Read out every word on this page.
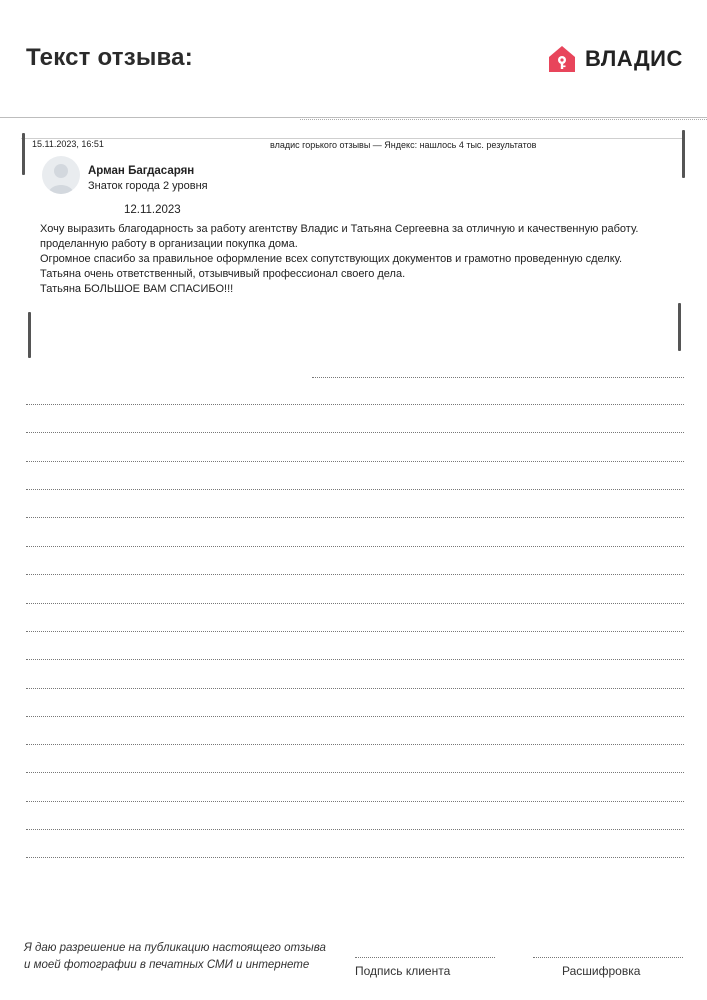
Текст отзыва:	ВЛАДИС
15.11.2023, 16:51	владис горького отзывы — Яндекс: нашлось 4 тыс. результатов
Арман Багдасарян
Знаток города 2 уровня
12.11.2023

Хочу выразить благодарность за работу агентству Владис и Татьяна Сергеевна за отличную и качественную работу. проделанную работу в организации покупка дома.

Огромное спасибо за правильное оформление всех сопутствующих документов и грамотно проведенную сделку.

Татьяна очень ответственный, отзывчивый профессионал своего дела.

Татьяна БОЛЬШОЕ ВАМ СПАСИБО!!!

Я даю разрешение на публикацию настоящего отзыва
и моей фотографии в печатных СМИ и интернете	Подпись клиента	Расшифровка
